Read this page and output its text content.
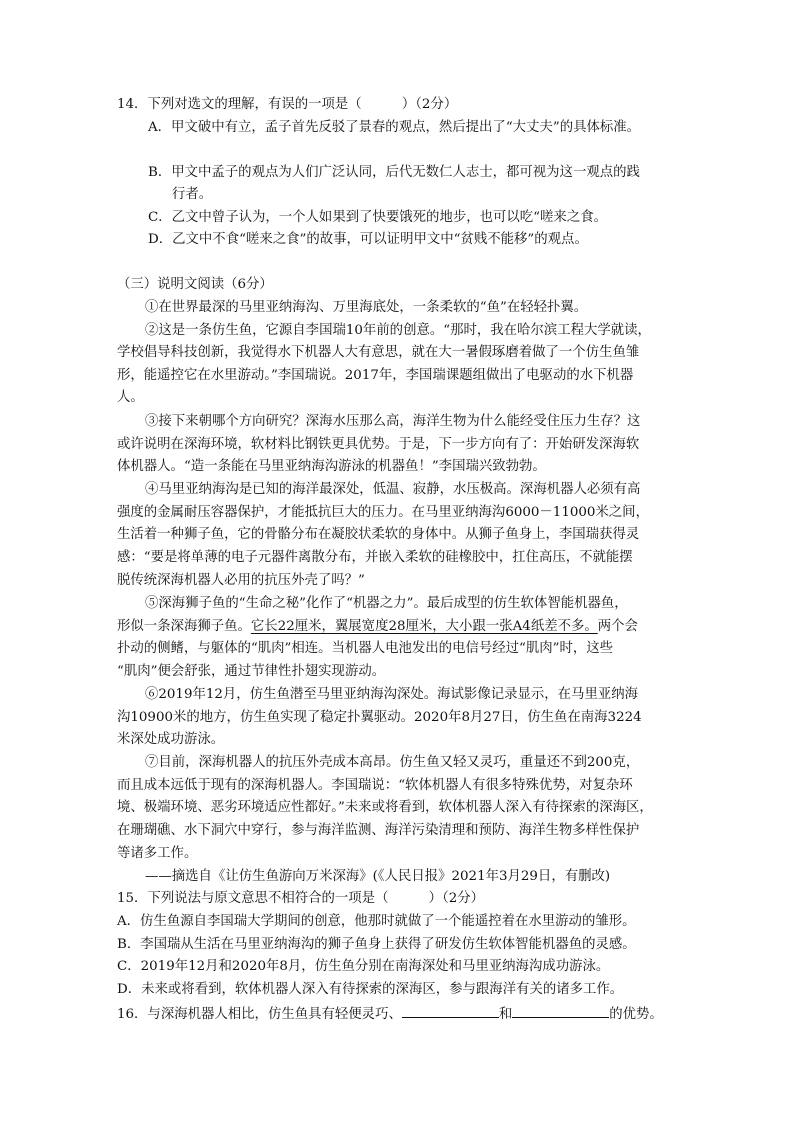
14．下列对选文的理解，有误的一项是（　　　）（2分）
A．甲文破中有立，孟子首先反驳了景春的观点，然后提出了“大丈夫”的具体标准。
B．甲文中孟子的观点为人们广泛认同，后代无数仁人志士，都可视为这一观点的践
行者。
C．乙文中曾子认为，一个人如果到了快要饿死的地步，也可以吃“嗟来之食。
D．乙文中不食“嗟来之食”的故事，可以证明甲文中“贫贱不能移”的观点。
（三）说明文阅读（6分）
①在世界最深的马里亚纳海沟、万里海底处，一条柔软的“鱼”在轻轻扑翼。
②这是一条仿生鱼，它源自李国瑞10年前的创意。“那时，我在哈尔滨工程大学就读，
学校倡导科技创新，我觉得水下机器人大有意思，就在大一暑假琢磨着做了一个仿生鱼雏
形，能遥控它在水里游动。”李国瑞说。2017年，李国瑞课题组做出了电驱动的水下机器
人。
③接下来朝哪个方向研究？深海水压那么高，海洋生物为什么能经受住压力生存？这
或许说明在深海环境，软材料比钢铁更具优势。于是，下一步方向有了：开始研发深海软
体机器人。“造一条能在马里亚纳海沟游泳的机器鱼！”李国瑞兴致勃勃。
④马里亚纳海沟是已知的海洋最深处，低温、寂静，水压极高。深海机器人必须有高
强度的金属耐压容器保护，才能抵抗巨大的压力。在马里亚纳海沟6000－11000米之间，
生活着一种狮子鱼，它的骨骼分布在凝胶状柔软的身体中。从狮子鱼身上，李国瑞获得灵
感：“要是将单薄的电子元器件离散分布，并嵌入柔软的硅橡胶中，扛住高压，不就能摆
脱传统深海机器人必用的抗压外壳了吗？”
⑤深海狮子鱼的“生命之秘”化作了“机器之力”。最后成型的仿生软体智能机器鱼，
形似一条深海狮子鱼。它长22厘米，翼展宽度28厘米，大小跟一张A4纸差不多。两个会
扑动的侧鳍，与躯体的“肌肉”相连。当机器人电池发出的电信号经过“肌肉”时，这些
“肌肉”便会舒张，通过节律性扑翅实现游动。
⑥2019年12月，仿生鱼潜至马里亚纳海沟深处。海试影像记录显示，在马里亚纳海
沟10900米的地方，仿生鱼实现了稳定扑翼驱动。2020年8月27日，仿生鱼在南海3224
米深处成功游泳。
⑦目前，深海机器人的抗压外壳成本高昂。仿生鱼又轻又灵巧，重量还不到200克，
而且成本远低于现有的深海机器人。李国瑞说：“软体机器人有很多特殊优势，对复杂环
境、极端环境、恶劣环境适应性都好。”未来或将看到，软体机器人深入有待探索的深海区，
在珊瑚礁、水下洞穴中穿行，参与海洋监测、海洋污染清理和预防、海洋生物多样性保护
等诸多工作。
——摘选自《让仿生鱼游向万米深海》(《人民日报》2021年3月29日，有删改)
15．下列说法与原文意思不相符合的一项是（　　　）（2分）
A．仿生鱼源自李国瑞大学期间的创意，他那时就做了一个能遥控着在水里游动的雏形。
B．李国瑞从生活在马里亚纳海沟的狮子鱼身上获得了研发仿生软体智能机器鱼的灵感。
C．2019年12月和2020年8月，仿生鱼分别在南海深处和马里亚纳海沟成功游泳。
D．未来或将看到，软体机器人深入有待探索的深海区，参与跟海洋有关的诸多工作。
16．与深海机器人相比，仿生鱼具有轻便灵巧、	和	的优势。
